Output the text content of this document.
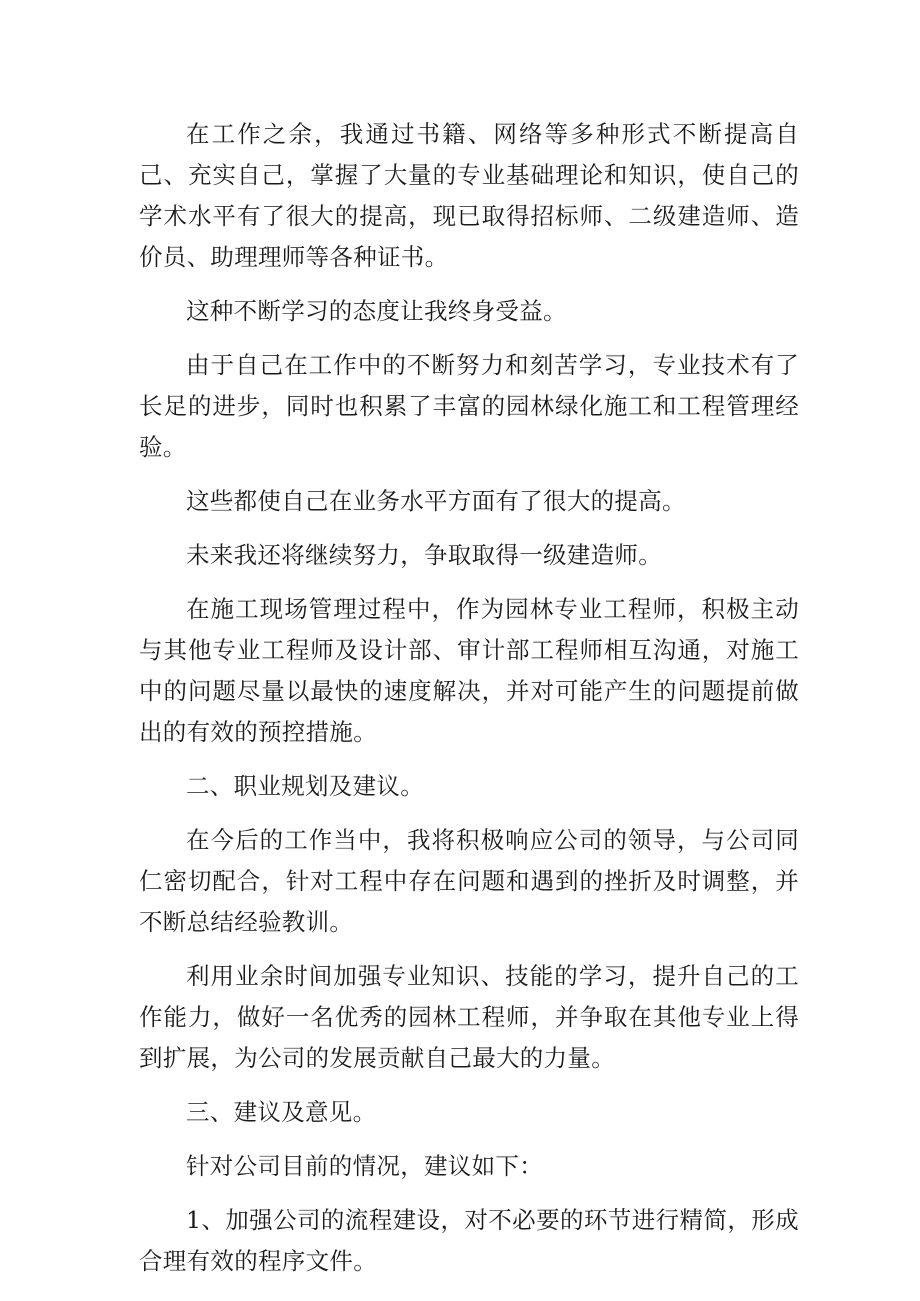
在工作之余，我通过书籍、网络等多种形式不断提高自己、充实自己，掌握了大量的专业基础理论和知识，使自己的学术水平有了很大的提高，现已取得招标师、二级建造师、造价员、助理理师等各种证书。

这种不断学习的态度让我终身受益。

由于自己在工作中的不断努力和刻苦学习，专业技术有了长足的进步，同时也积累了丰富的园林绿化施工和工程管理经验。

这些都使自己在业务水平方面有了很大的提高。

未来我还将继续努力，争取取得一级建造师。

在施工现场管理过程中，作为园林专业工程师，积极主动与其他专业工程师及设计部、审计部工程师相互沟通，对施工中的问题尽量以最快的速度解决，并对可能产生的问题提前做出的有效的预控措施。

二、职业规划及建议。

在今后的工作当中，我将积极响应公司的领导，与公司同仁密切配合，针对工程中存在问题和遇到的挫折及时调整，并不断总结经验教训。

利用业余时间加强专业知识、技能的学习，提升自己的工作能力，做好一名优秀的园林工程师，并争取在其他专业上得到扩展，为公司的发展贡献自己最大的力量。

三、建议及意见。

针对公司目前的情况，建议如下：

1、加强公司的流程建设，对不必要的环节进行精简，形成合理有效的程序文件。
